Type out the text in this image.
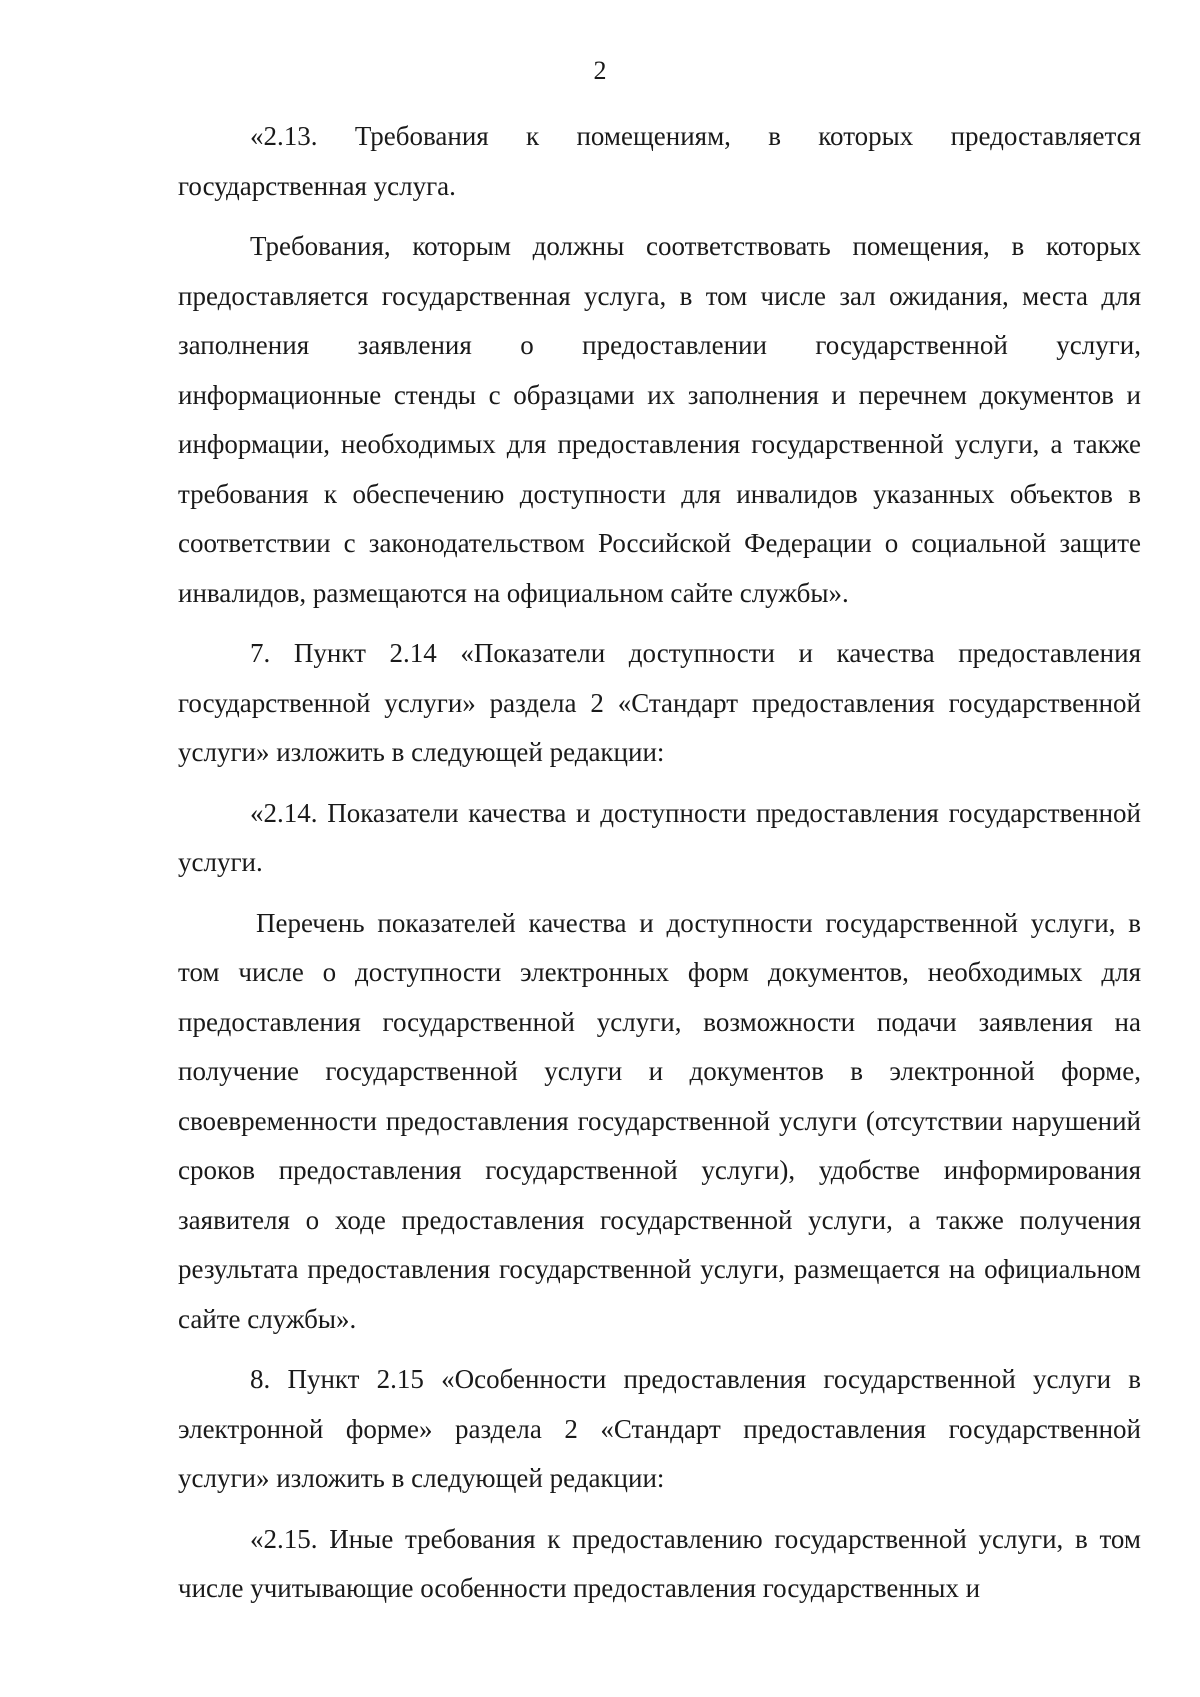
2

«2.13. Требования к помещениям, в которых предоставляется государственная услуга.

Требования, которым должны соответствовать помещения, в которых предоставляется государственная услуга, в том числе зал ожидания, места для заполнения заявления о предоставлении государственной услуги, информационные стенды с образцами их заполнения и перечнем документов и информации, необходимых для предоставления государственной услуги, а также требования к обеспечению доступности для инвалидов указанных объектов в соответствии с законодательством Российской Федерации о социальной защите инвалидов, размещаются на официальном сайте службы».

7. Пункт 2.14 «Показатели доступности и качества предоставления государственной услуги» раздела 2 «Стандарт предоставления государственной услуги» изложить в следующей редакции:

«2.14. Показатели качества и доступности предоставления государственной услуги.

Перечень показателей качества и доступности государственной услуги, в том числе о доступности электронных форм документов, необходимых для предоставления государственной услуги, возможности подачи заявления на получение государственной услуги и документов в электронной форме, своевременности предоставления государственной услуги (отсутствии нарушений сроков предоставления государственной услуги), удобстве информирования заявителя о ходе предоставления государственной услуги, а также получения результата предоставления государственной услуги, размещается на официальном сайте службы».

8. Пункт 2.15 «Особенности предоставления государственной услуги в электронной форме» раздела 2 «Стандарт предоставления государственной услуги» изложить в следующей редакции:

«2.15. Иные требования к предоставлению государственной услуги, в том числе учитывающие особенности предоставления государственных и
